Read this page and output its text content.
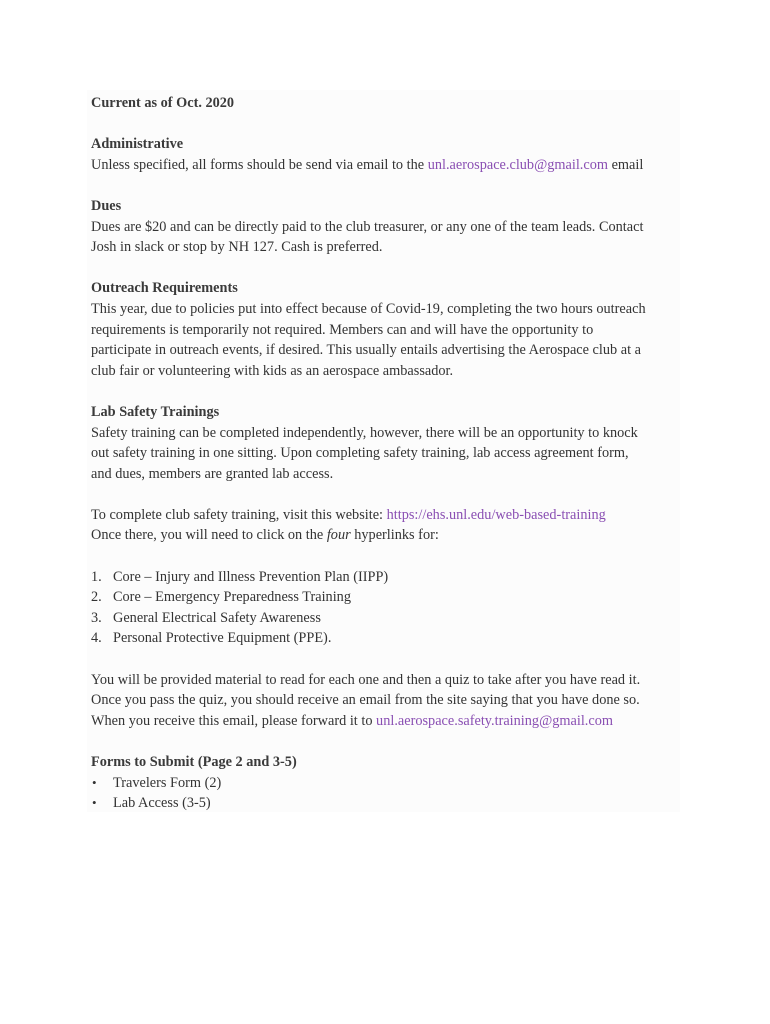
Current as of Oct. 2020

Administrative

Unless specified, all forms should be send via email to the unl.aerospace.club@gmail.com email

Dues

Dues are $20 and can be directly paid to the club treasurer, or any one of the team leads. Contact

Josh in slack or stop by NH 127. Cash is preferred.

Outreach Requirements

This year, due to policies put into effect because of Covid-19, completing the two hours outreach

requirements is temporarily not required. Members can and will have the opportunity to

participate in outreach events, if desired. This usually entails advertising the Aerospace club at a

club fair or volunteering with kids as an aerospace ambassador.

Lab Safety Trainings

Safety training can be completed independently, however, there will be an opportunity to knock

out safety training in one sitting. Upon completing safety training, lab access agreement form,

and dues, members are granted lab access.

To complete club safety training, visit this website: https://ehs.unl.edu/web-based-training

Once there, you will need to click on the four hyperlinks for:

1. Core – Injury and Illness Prevention Plan (IIPP)
2. Core – Emergency Preparedness Training
3. General Electrical Safety Awareness
4. Personal Protective Equipment (PPE).

You will be provided material to read for each one and then a quiz to take after you have read it.

Once you pass the quiz, you should receive an email from the site saying that you have done so.

When you receive this email, please forward it to unl.aerospace.safety.training@gmail.com

Forms to Submit (Page 2 and 3-5)

• Travelers Form (2)
• Lab Access (3-5)
